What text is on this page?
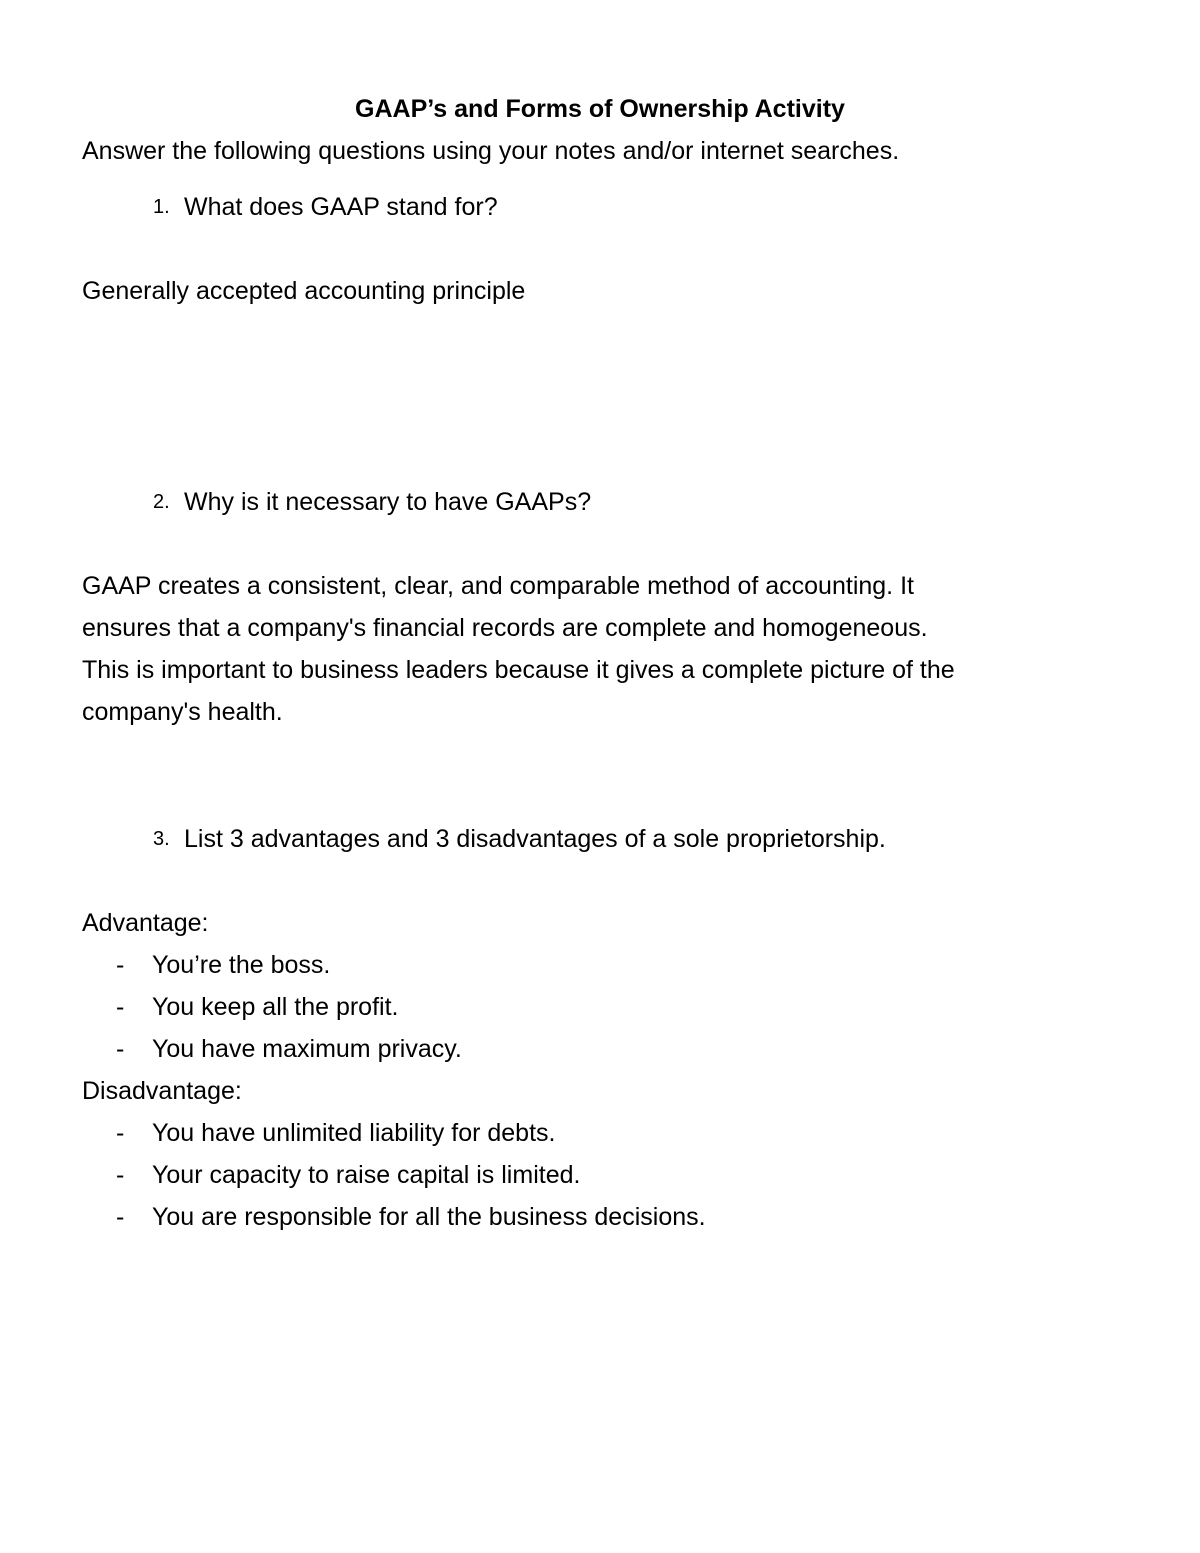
GAAP’s and Forms of Ownership Activity
Answer the following questions using your notes and/or internet searches.
1. What does GAAP stand for?
Generally accepted accounting principle
2. Why is it necessary to have GAAPs?
GAAP creates a consistent, clear, and comparable method of accounting. It
ensures that a company's financial records are complete and homogeneous.
This is important to business leaders because it gives a complete picture of the
company's health.
3. List 3 advantages and 3 disadvantages of a sole proprietorship.
Advantage:
- You’re the boss.
- You keep all the profit.
- You have maximum privacy.
Disadvantage:
- You have unlimited liability for debts.
- Your capacity to raise capital is limited.
- You are responsible for all the business decisions.
